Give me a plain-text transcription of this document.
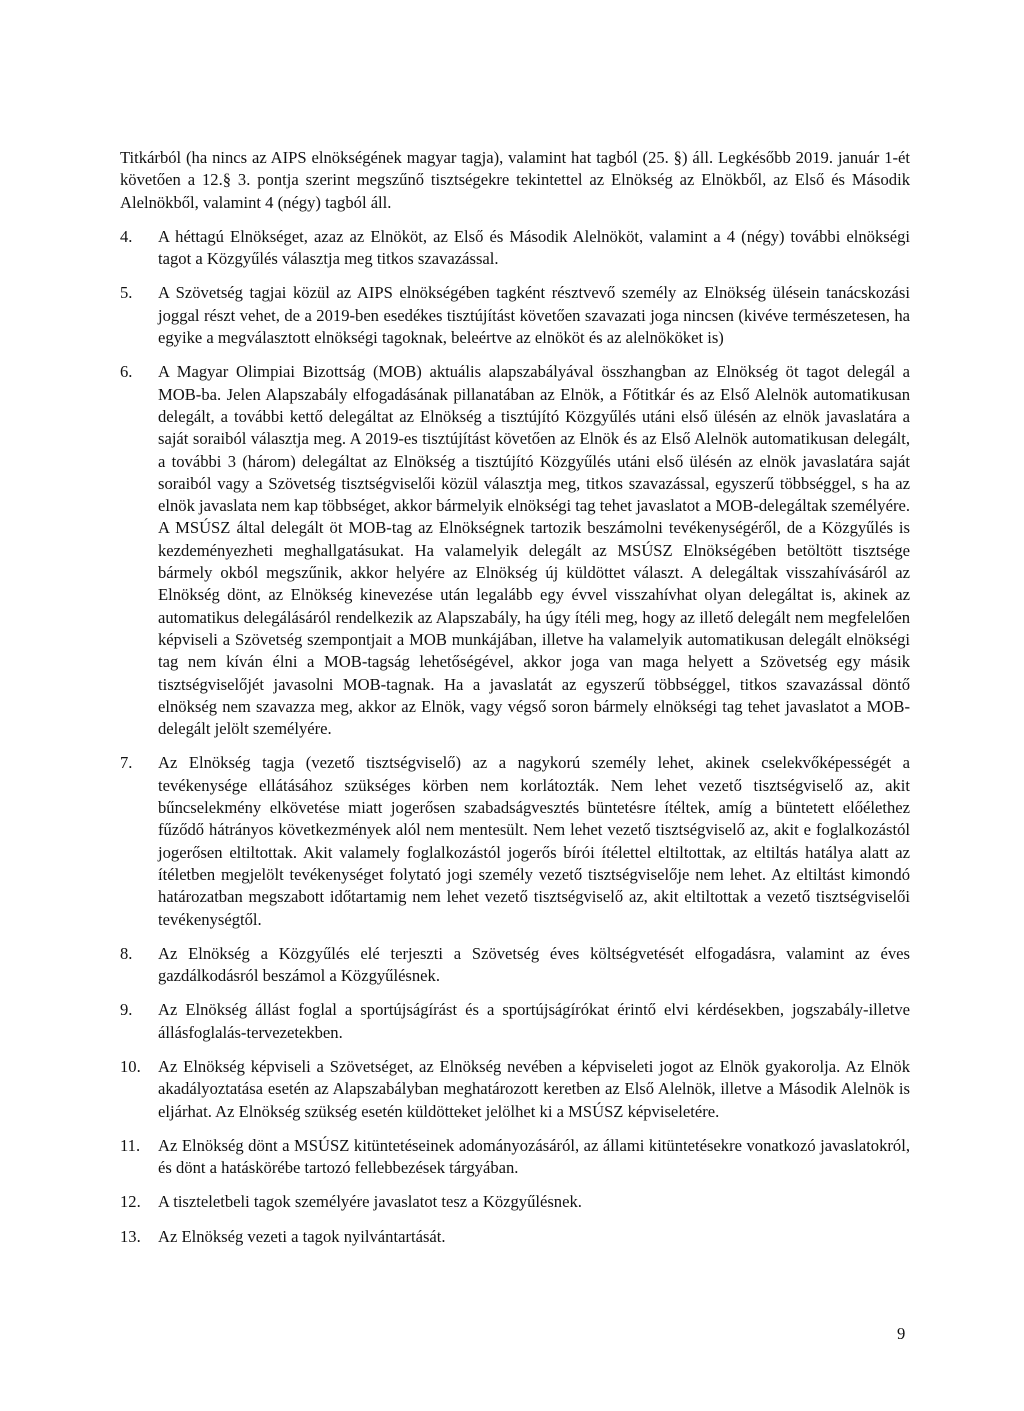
Titkárból (ha nincs az AIPS elnökségének magyar tagja), valamint hat tagból (25. §) áll. Legkésőbb 2019. január 1-ét követően a 12.§ 3. pontja szerint megszűnő tisztségekre tekintettel az Elnökség az Elnökből, az Első és Második Alelnökből, valamint 4 (négy) tagból áll.

4.	A héttagú Elnökséget, azaz az Elnököt, az Első és Második Alelnököt, valamint a 4 (négy) további elnökségi tagot a Közgyűlés választja meg titkos szavazással.
5.	A Szövetség tagjai közül az AIPS elnökségében tagként résztvevő személy az Elnökség ülésein tanácskozási joggal részt vehet, de a 2019-ben esedékes tisztújítást követően szavazati joga nincsen (kivéve természetesen, ha egyike a megválasztott elnökségi tagoknak, beleértve az elnököt és az alelnököket is)
6.	A Magyar Olimpiai Bizottság (MOB) aktuális alapszabályával összhangban az Elnökség öt tagot delegál a MOB-ba. Jelen Alapszabály elfogadásának pillanatában az Elnök, a Főtitkár és az Első Alelnök automatikusan delegált, a további kettő delegáltat az Elnökség a tisztújító Közgyűlés utáni első ülésén az elnök javaslatára a saját soraiból választja meg. A 2019-es tisztújítást követően az Elnök és az Első Alelnök automatikusan delegált, a további 3 (három) delegáltat az Elnökség a tisztújító Közgyűlés utáni első ülésén az elnök javaslatára saját soraiból vagy a Szövetség tisztségviselői közül választja meg, titkos szavazással, egyszerű többséggel, s ha az elnök javaslata nem kap többséget, akkor bármelyik elnökségi tag tehet javaslatot a MOB-delegáltak személyére. A MSÚSZ által delegált öt MOB-tag az Elnökségnek tartozik beszámolni tevékenységéről, de a Közgyűlés is kezdeményezheti meghallgatásukat. Ha valamelyik delegált az MSÚSZ Elnökségében betöltött tisztsége bármely okból megszűnik, akkor helyére az Elnökség új küldöttet választ. A delegáltak visszahívásáról az Elnökség dönt, az Elnökség kinevezése után legalább egy évvel visszahívhat olyan delegáltat is, akinek az automatikus delegálásáról rendelkezik az Alapszabály, ha úgy ítéli meg, hogy az illető delegált nem megfelelően képviseli a Szövetség szempontjait a MOB munkájában, illetve ha valamelyik automatikusan delegált elnökségi tag nem kíván élni a MOB-tagság lehetőségével, akkor joga van maga helyett a Szövetség egy másik tisztségviselőjét javasolni MOB-tagnak. Ha a javaslatát az egyszerű többséggel, titkos szavazással döntő elnökség nem szavazza meg, akkor az Elnök, vagy végső soron bármely elnökségi tag tehet javaslatot a MOB-delegált jelölt személyére.
7.	Az Elnökség tagja (vezető tisztségviselő) az a nagykorú személy lehet, akinek cselekvőképességét a tevékenysége ellátásához szükséges körben nem korlátozták. Nem lehet vezető tisztségviselő az, akit bűncselekmény elkövetése miatt jogerősen szabadságvesztés büntetésre ítéltek, amíg a büntetett előélethez fűződő hátrányos következmények alól nem mentesült. Nem lehet vezető tisztségviselő az, akit e foglalkozástól jogerősen eltiltottak. Akit valamely foglalkozástól jogerős bírói ítélettel eltiltottak, az eltiltás hatálya alatt az ítéletben megjelölt tevékenységet folytató jogi személy vezető tisztségviselője nem lehet. Az eltiltást kimondó határozatban megszabott időtartamig nem lehet vezető tisztségviselő az, akit eltiltottak a vezető tisztségviselői tevékenységtől.
8.	Az Elnökség a Közgyűlés elé terjeszti a Szövetség éves költségvetését elfogadásra, valamint az éves gazdálkodásról beszámol a Közgyűlésnek.
9.	Az Elnökség állást foglal a sportújságírást és a sportújságírókat érintő elvi kérdésekben, jogszabály-illetve állásfoglalás-tervezetekben.
10.	Az Elnökség képviseli a Szövetséget, az Elnökség nevében a képviseleti jogot az Elnök gyakorolja. Az Elnök akadályoztatása esetén az Alapszabályban meghatározott keretben az Első Alelnök, illetve a Második Alelnök is eljárhat. Az Elnökség szükség esetén küldötteket jelölhet ki a MSÚSZ képviseletére.
11.	Az Elnökség dönt a MSÚSZ kitüntetéseinek adományozásáról, az állami kitüntetésekre vonatkozó javaslatokról, és dönt a hatáskörébe tartozó fellebbezések tárgyában.
12.	A tiszteletbeli tagok személyére javaslatot tesz a Közgyűlésnek.
13.	Az Elnökség vezeti a tagok nyilvántartását.
9
